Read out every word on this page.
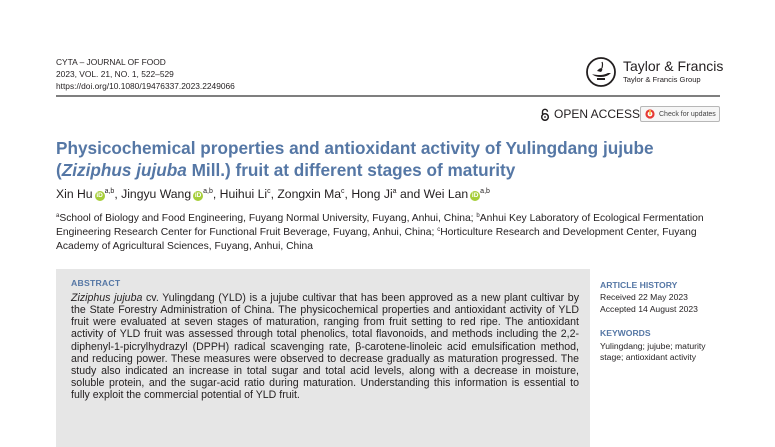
CYTA – JOURNAL OF FOOD
2023, VOL. 21, NO. 1, 522–529
https://doi.org/10.1080/19476337.2023.2249066
Taylor & Francis
Taylor & Francis Group
OPEN ACCESS	Check for updates
Physicochemical properties and antioxidant activity of Yulingdang jujube
(Ziziphus jujuba Mill.) fruit at different stages of maturity
Xin Hu iD$^{a,b}$, Jingyu Wang iD$^{a,b}$, Huihui Li$^c$, Zongxin Ma$^c$, Hong Ji$^a$ and Wei Lan iD$^{a,b}$
$^a$School of Biology and Food Engineering, Fuyang Normal University, Fuyang, Anhui, China; $^b$Anhui Key Laboratory of Ecological Fermentation Engineering Research Center for Functional Fruit Beverage, Fuyang, Anhui, China; $^c$Horticulture Research and Development Center, Fuyang Academy of Agricultural Sciences, Fuyang, Anhui, China
ABSTRACT
Ziziphus jujuba cv. Yulingdang (YLD) is a jujube cultivar that has been approved as a new plant cultivar by the State Forestry Administration of China. The physicochemical properties and antioxidant activity of YLD fruit were evaluated at seven stages of maturation, ranging from fruit setting to red ripe. The antioxidant activity of YLD fruit was assessed through total phenolics, total flavonoids, and methods including the 2,2-diphenyl-1-picrylhydrazyl (DPPH) radical scavenging rate, β-carotene-linoleic acid emulsification method, and reducing power. These measures were observed to decrease gradually as maturation progressed. The study also indicated an increase in total sugar and total acid levels, along with a decrease in moisture, soluble protein, and the sugar-acid ratio during maturation. Understanding this information is essential to fully exploit the commercial potential of YLD fruit.
ARTICLE HISTORY
Received 22 May 2023
Accepted 14 August 2023
KEYWORDS
Yulingdang; jujube; maturity stage; antioxidant activity
